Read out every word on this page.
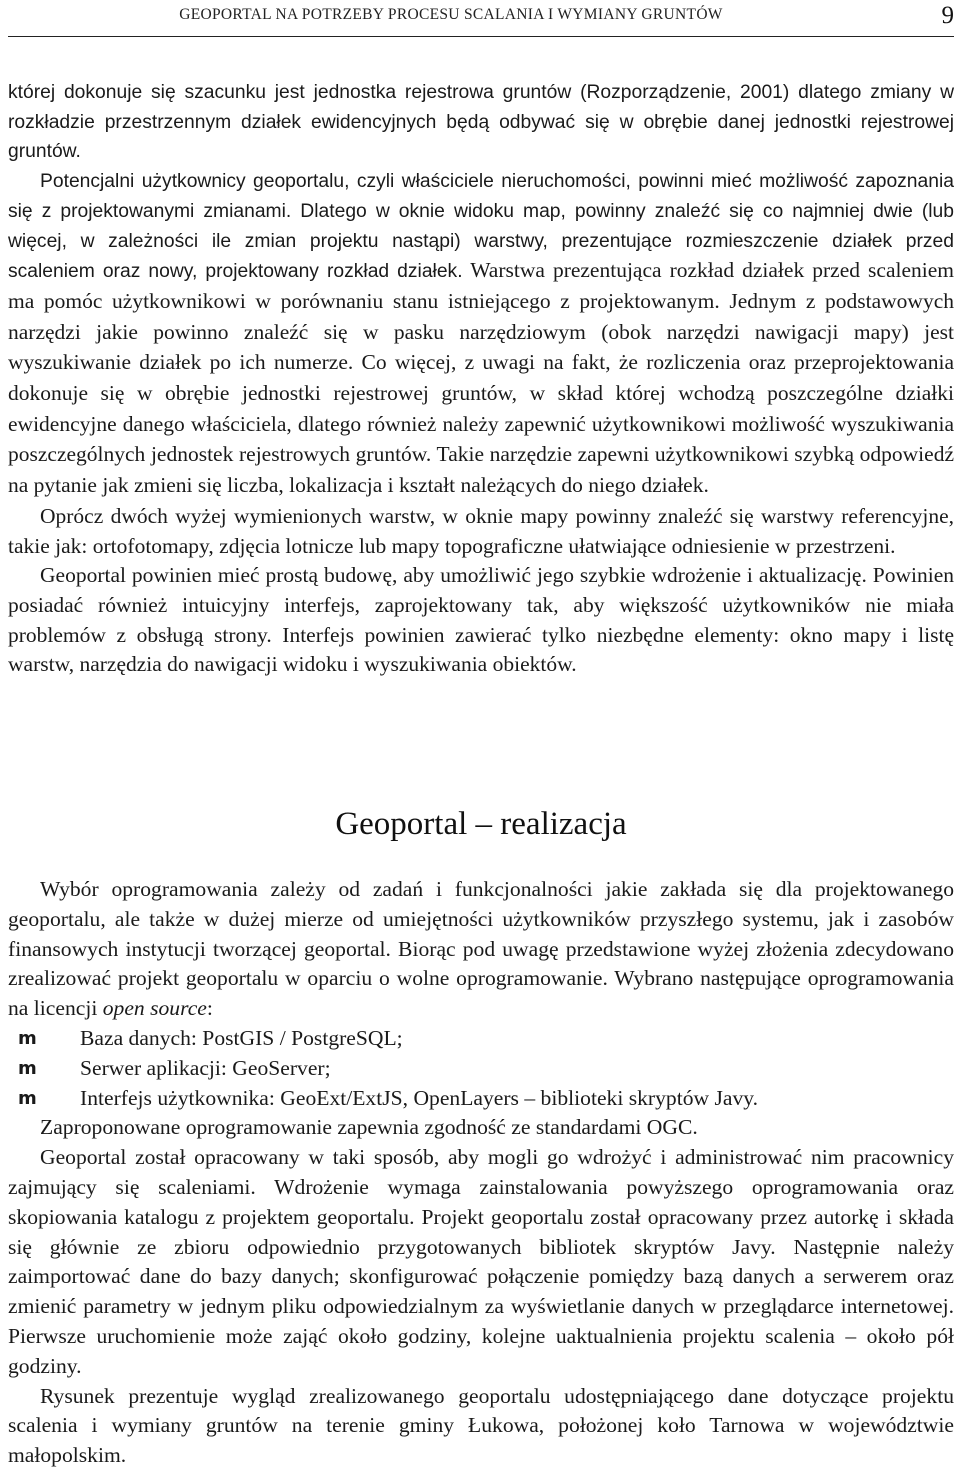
GEOPORTAL NA POTRZEBY PROCESU SCALANIA I WYMIANY GRUNTÓW	9

której dokonuje się szacunku jest jednostka rejestrowa gruntów (Rozporządzenie, 2001) dlatego zmiany w rozkładzie przestrzennym działek ewidencyjnych będą odbywać się w obrębie danej jednostki rejestrowej gruntów.

Potencjalni użytkownicy geoportalu, czyli właściciele nieruchomości, powinni mieć możliwość zapoznania się z projektowanymi zmianami. Dlatego w oknie widoku map, powinny znaleźć się co najmniej dwie (lub więcej, w zależności ile zmian projektu nastąpi) warstwy, prezentujące rozmieszczenie działek przed scaleniem oraz nowy, projektowany rozkład działek. Warstwa prezentująca rozkład działek przed scaleniem ma pomóc użytkownikowi w porównaniu stanu istniejącego z projektowanym. Jednym z podstawowych narzędzi jakie powinno znaleźć się w pasku narzędziowym (obok narzędzi nawigacji mapy) jest wyszukiwanie działek po ich numerze. Co więcej, z uwagi na fakt, że rozliczenia oraz przeprojektowania dokonuje się w obrębie jednostki rejestrowej gruntów, w skład której wchodzą poszczególne działki ewidencyjne danego właściciela, dlatego również należy zapewnić użytkownikowi możliwość wyszukiwania poszczególnych jednostek rejestrowych gruntów. Takie narzędzie zapewni użytkownikowi szybką odpowiedź na pytanie jak zmieni się liczba, lokalizacja i kształt należących do niego działek.

Oprócz dwóch wyżej wymienionych warstw, w oknie mapy powinny znaleźć się warstwy referencyjne, takie jak: ortofotomapy, zdjęcia lotnicze lub mapy topograficzne ułatwiające odniesienie w przestrzeni.

Geoportal powinien mieć prostą budowę, aby umożliwić jego szybkie wdrożenie i aktualizację. Powinien posiadać również intuicyjny interfejs, zaprojektowany tak, aby większość użytkowników nie miała problemów z obsługą strony. Interfejs powinien zawierać tylko niezbędne elementy: okno mapy i listę warstw, narzędzia do nawigacji widoku i wyszukiwania obiektów.

Geoportal – realizacja

Wybór oprogramowania zależy od zadań i funkcjonalności jakie zakłada się dla projektowanego geoportalu, ale także w dużej mierze od umiejętności użytkowników przyszłego systemu, jak i zasobów finansowych instytucji tworzącej geoportal. Biorąc pod uwagę przedstawione wyżej złożenia zdecydowano zrealizować projekt geoportalu w oparciu o wolne oprogramowanie. Wybrano następujące oprogramowania na licencji open source:

m Baza danych: PostGIS / PostgreSQL;
m Serwer aplikacji: GeoServer;
m Interfejs użytkownika: GeoExt/ExtJS, OpenLayers – biblioteki skryptów Javy.

Zaproponowane oprogramowanie zapewnia zgodność ze standardami OGC.

Geoportal został opracowany w taki sposób, aby mogli go wdrożyć i administrować nim pracownicy zajmujący się scaleniami. Wdrożenie wymaga zainstalowania powyższego oprogramowania oraz skopiowania katalogu z projektem geoportalu. Projekt geoportalu został opracowany przez autorkę i składa się głównie ze zbioru odpowiednio przygotowanych bibliotek skryptów Javy. Następnie należy zaimportować dane do bazy danych; skonfigurować połączenie pomiędzy bazą danych a serwerem oraz zmienić parametry w jednym pliku odpowiedzialnym za wyświetlanie danych w przeglądarce internetowej. Pierwsze uruchomienie może zająć około godziny, kolejne uaktualnienia projektu scalenia – około pół godziny.

Rysunek prezentuje wygląd zrealizowanego geoportalu udostępniającego dane dotyczące projektu scalenia i wymiany gruntów na terenie gminy Łukowa, położonej koło Tarnowa w województwie małopolskim.
